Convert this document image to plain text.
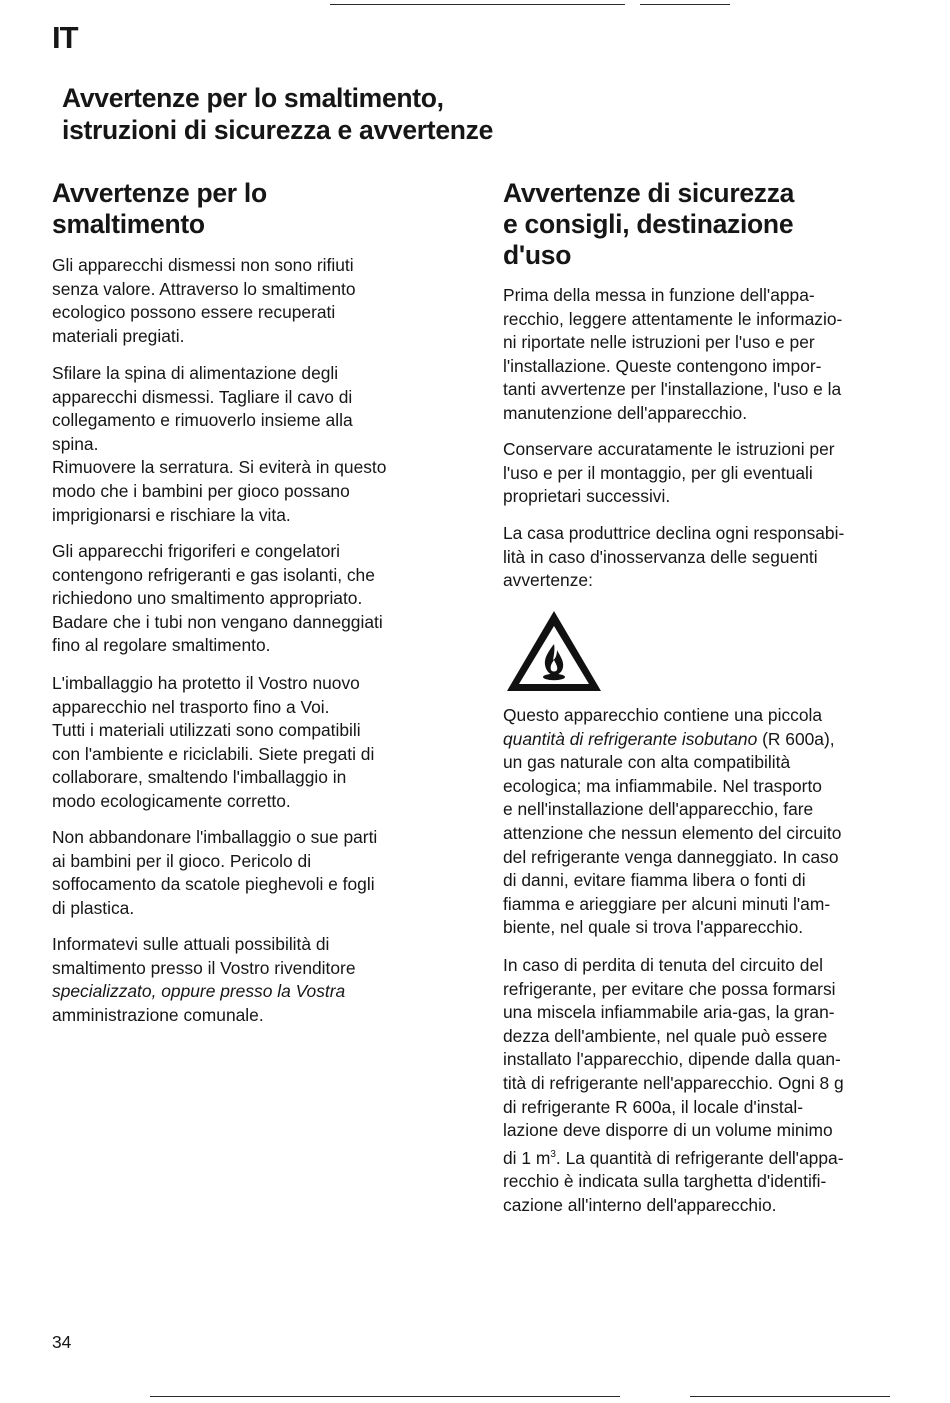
IT
Avvertenze per lo smaltimento,
istruzioni di sicurezza e avvertenze
Avvertenze per lo
smaltimento

Gli apparecchi dismessi non sono rifiuti
senza valore. Attraverso lo smaltimento
ecologico possono essere recuperati
materiali pregiati.

Sfilare la spina di alimentazione degli
apparecchi dismessi. Tagliare il cavo di
collegamento e rimuoverlo insieme alla
spina.
Rimuovere la serratura. Si eviterà in questo
modo che i bambini per gioco possano
imprigionarsi e rischiare la vita.

Gli apparecchi frigoriferi e congelatori
contengono refrigeranti e gas isolanti, che
richiedono uno smaltimento appropriato.
Badare che i tubi non vengano danneggiati
fino al regolare smaltimento.

L'imballaggio ha protetto il Vostro nuovo
apparecchio nel trasporto fino a Voi.
Tutti i materiali utilizzati sono compatibili
con l'ambiente e riciclabili. Siete pregati di
collaborare, smaltendo l'imballaggio in
modo ecologicamente corretto.

Non abbandonare l'imballaggio o sue parti
ai bambini per il gioco. Pericolo di
soffocamento da scatole pieghevoli e fogli
di plastica.

Informatevi sulle attuali possibilità di
smaltimento presso il Vostro rivenditore
specializzato, oppure presso la Vostra
amministrazione comunale.

Avvertenze di sicurezza
e consigli, destinazione
d'uso

Prima della messa in funzione dell'appa-
recchio, leggere attentamente le informazio-
ni riportate nelle istruzioni per l'uso e per
l'installazione. Queste contengono impor-
tanti avvertenze per l'installazione, l'uso e la
manutenzione dell'apparecchio.

Conservare accuratamente le istruzioni per
l'uso e per il montaggio, per gli eventuali
proprietari successivi.

La casa produttrice declina ogni responsabi-
lità in caso d'inosservanza delle seguenti
avvertenze:

Questo apparecchio contiene una piccola
quantità di refrigerante isobutano (R 600a),
un gas naturale con alta compatibilità
ecologica; ma infiammabile. Nel trasporto
e nell'installazione dell'apparecchio, fare
attenzione che nessun elemento del circuito
del refrigerante venga danneggiato. In caso
di danni, evitare fiamma libera o fonti di
fiamma e arieggiare per alcuni minuti l'am-
biente, nel quale si trova l'apparecchio.

In caso di perdita di tenuta del circuito del
refrigerante, per evitare che possa formarsi
una miscela infiammabile aria-gas, la gran-
dezza dell'ambiente, nel quale può essere
installato l'apparecchio, dipende dalla quan-
tità di refrigerante nell'apparecchio. Ogni 8 g
di refrigerante R 600a, il locale d'instal-
lazione deve disporre di un volume minimo
di 1 $m^3$. La quantità di refrigerante dell'appa-
recchio è indicata sulla targhetta d'identifi-
cazione all'interno dell'apparecchio.

34
